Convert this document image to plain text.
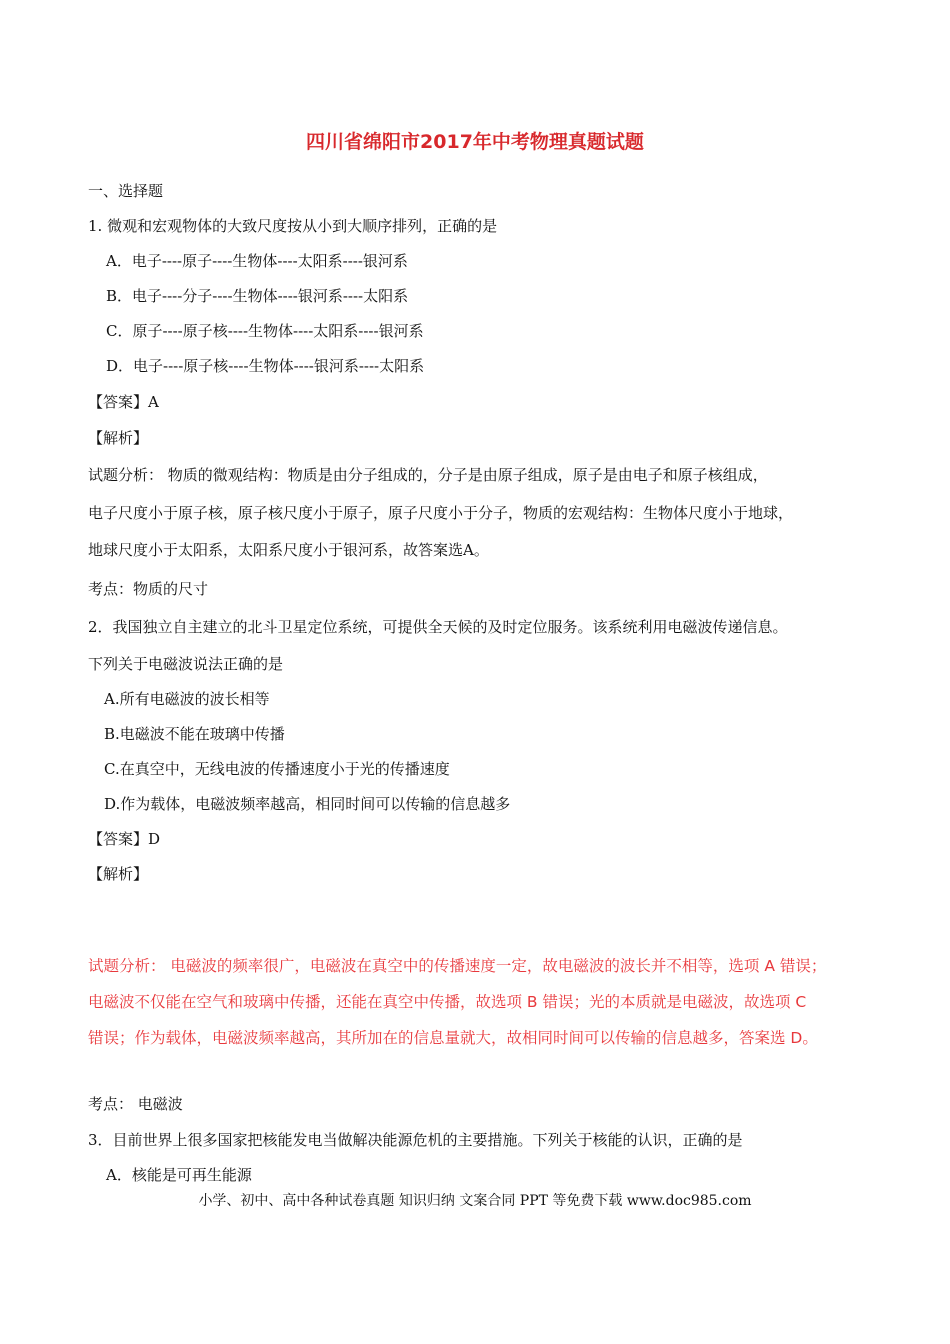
四川省绵阳市2017年中考物理真题试题
一、选择题
1. 微观和宏观物体的大致尺度按从小到大顺序排列，正确的是
A．电子----原子----生物体----太阳系----银河系
B．电子----分子----生物体----银河系----太阳系
C．原子----原子核----生物体----太阳系----银河系
D．电子----原子核----生物体----银河系----太阳系
【答案】A
【解析】
试题分析： 物质的微观结构：物质是由分子组成的，分子是由原子组成，原子是由电子和原子核组成，
电子尺度小于原子核，原子核尺度小于原子，原子尺度小于分子，物质的宏观结构：生物体尺度小于地球，
地球尺度小于太阳系，太阳系尺度小于银河系，故答案选A。
考点：物质的尺寸
2．我国独立自主建立的北斗卫星定位系统，可提供全天候的及时定位服务。该系统利用电磁波传递信息。
下列关于电磁波说法正确的是
A.所有电磁波的波长相等
B.电磁波不能在玻璃中传播
C.在真空中，无线电波的传播速度小于光的传播速度
D.作为载体，电磁波频率越高，相同时间可以传输的信息越多
【答案】D
【解析】
试题分析： 电磁波的频率很广，电磁波在真空中的传播速度一定，故电磁波的波长并不相等，选项 A 错误；
电磁波不仅能在空气和玻璃中传播，还能在真空中传播，故选项 B 错误；光的本质就是电磁波，故选项 C
错误；作为载体，电磁波频率越高，其所加在的信息量就大，故相同时间可以传输的信息越多，答案选 D。
考点： 电磁波
3．目前世界上很多国家把核能发电当做解决能源危机的主要措施。下列关于核能的认识，正确的是
A．核能是可再生能源
小学、初中、高中各种试卷真题 知识归纳 文案合同 PPT 等免费下载 www.doc985.com
